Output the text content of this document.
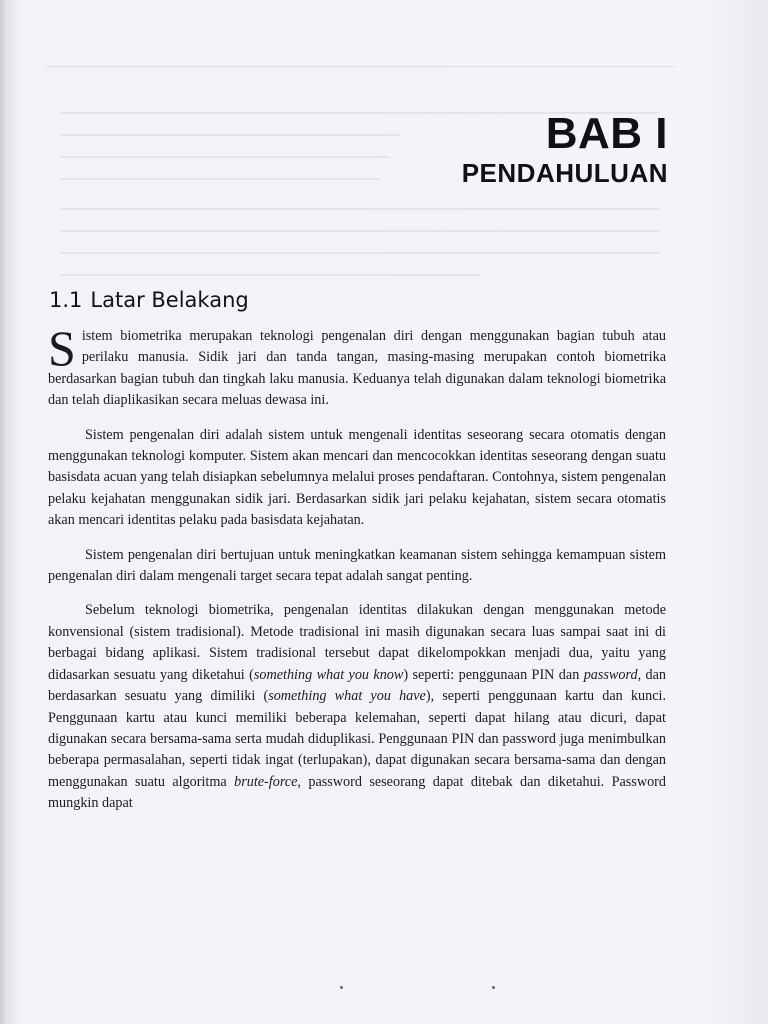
BAB I
PENDAHULUAN
1.1 Latar Belakang

Sistem biometrika merupakan teknologi pengenalan diri dengan menggunakan bagian tubuh atau perilaku manusia. Sidik jari dan tanda tangan, masing-masing merupakan contoh biometrika berdasarkan bagian tubuh dan tingkah laku manusia. Keduanya telah digunakan dalam teknologi biometrika dan telah diaplikasikan secara meluas dewasa ini.

Sistem pengenalan diri adalah sistem untuk mengenali identitas seseorang secara otomatis dengan menggunakan teknologi komputer. Sistem akan mencari dan mencocokkan identitas seseorang dengan suatu basisdata acuan yang telah disiapkan sebelumnya melalui proses pendaftaran. Contohnya, sistem pengenalan pelaku kejahatan menggunakan sidik jari. Berdasarkan sidik jari pelaku kejahatan, sistem secara otomatis akan mencari identitas pelaku pada basisdata kejahatan.

Sistem pengenalan diri bertujuan untuk meningkatkan keamanan sistem sehingga kemampuan sistem pengenalan diri dalam mengenali target secara tepat adalah sangat penting.

Sebelum teknologi biometrika, pengenalan identitas dilakukan dengan menggunakan metode konvensional (sistem tradisional). Metode tradisional ini masih digunakan secara luas sampai saat ini di berbagai bidang aplikasi. Sistem tradisional tersebut dapat dikelompokkan menjadi dua, yaitu yang didasarkan sesuatu yang diketahui (something what you know) seperti: penggunaan PIN dan password, dan berdasarkan sesuatu yang dimiliki (something what you have), seperti penggunaan kartu dan kunci. Penggunaan kartu atau kunci memiliki beberapa kelemahan, seperti dapat hilang atau dicuri, dapat digunakan secara bersama-sama serta mudah diduplikasi. Penggunaan PIN dan password juga menimbulkan beberapa permasalahan, seperti tidak ingat (terlupakan), dapat digunakan secara bersama-sama dan dengan menggunakan suatu algoritma brute-force, password seseorang dapat ditebak dan diketahui. Password mungkin dapat
